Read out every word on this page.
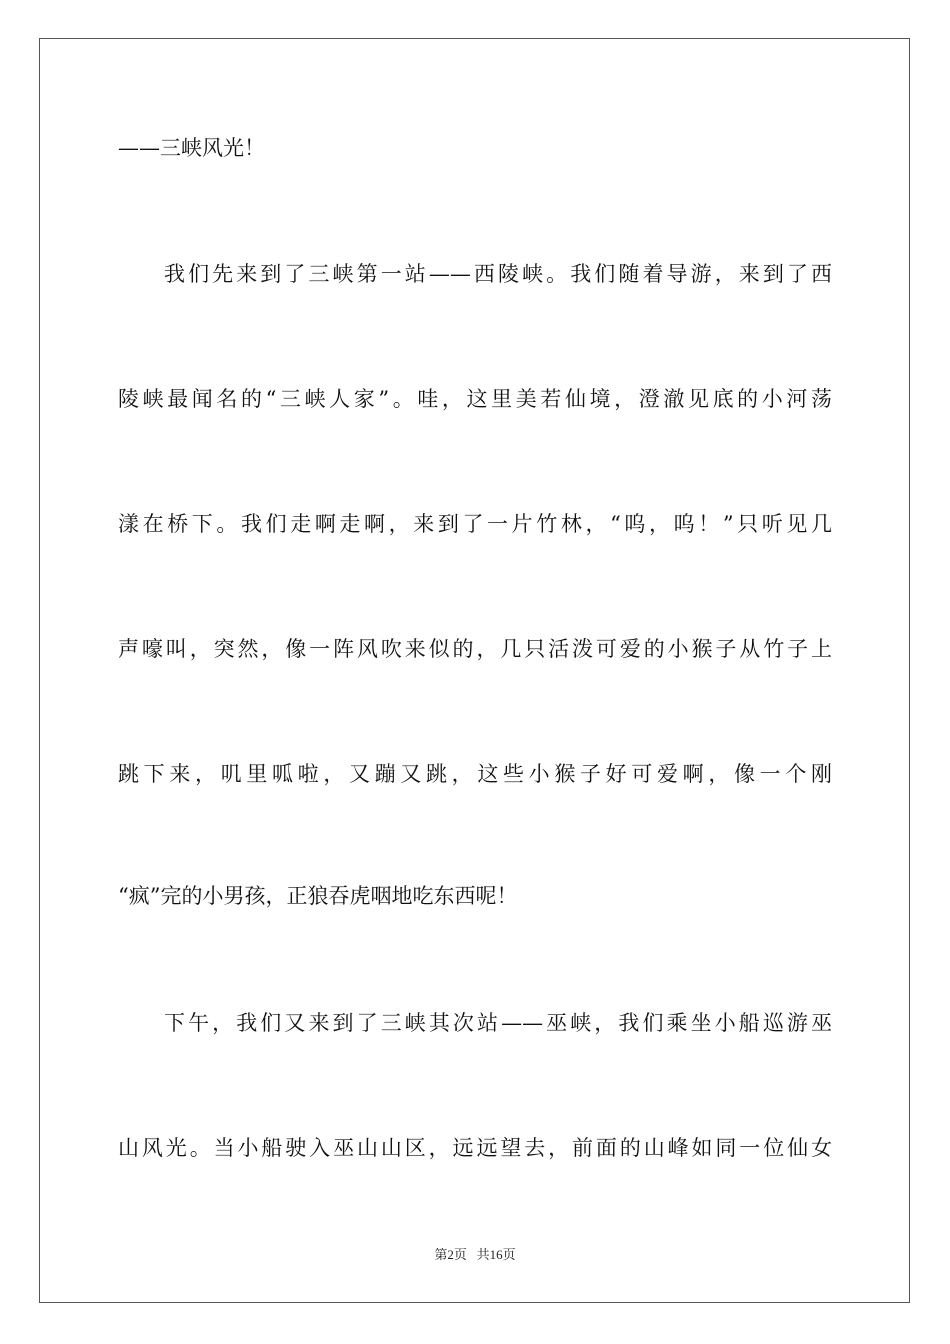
——三峡风光！
我们先来到了三峡第一站——西陵峡。我们随着导游，来到了西
陵峡最闻名的“三峡人家”。哇，这里美若仙境，澄澈见底的小河荡
漾在桥下。我们走啊走啊，来到了一片竹林，“呜，呜！”只听见几
声嚎叫，突然，像一阵风吹来似的，几只活泼可爱的小猴子从竹子上
跳下来，叽里呱啦，又蹦又跳，这些小猴子好可爱啊，像一个刚
“疯”完的小男孩，正狼吞虎咽地吃东西呢！
下午，我们又来到了三峡其次站——巫峡，我们乘坐小船巡游巫
山风光。当小船驶入巫山山区，远远望去，前面的山峰如同一位仙女
第2页 共16页
